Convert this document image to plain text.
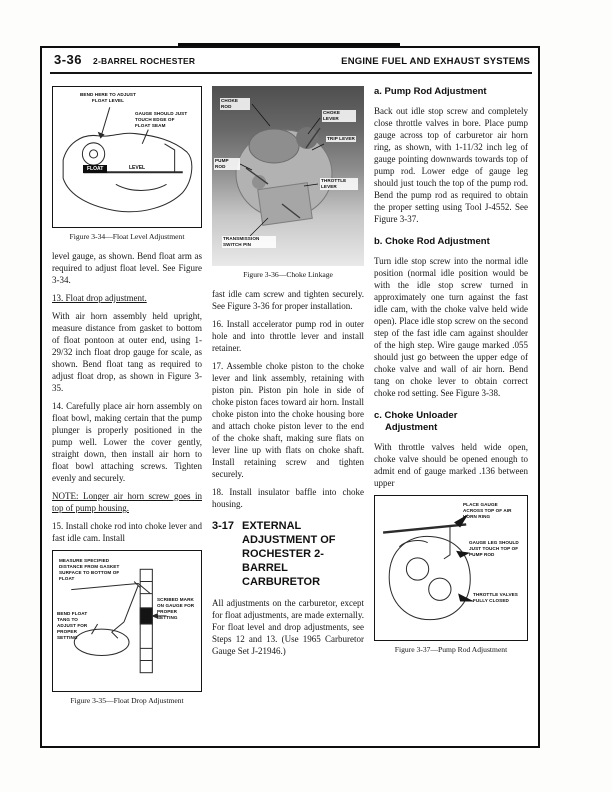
3-36 2-BARREL ROCHESTER	ENGINE FUEL AND EXHAUST SYSTEMS
BEND HERE TO ADJUST FLOAT LEVEL
GAUGE SHOULD JUST TOUCH EDGE OF FLOAT SEAM
FLOAT	LEVEL
Figure 3-34—Float Level Adjustment

level gauge, as shown. Bend float arm as required to adjust float level. See Figure 3-34.

13. Float drop adjustment.

With air horn assembly held upright, measure distance from gasket to bottom of float pontoon at outer end, using 1-29/32 inch float drop gauge for scale, as shown. Bend float tang as required to adjust float drop, as shown in Figure 3-35.

14. Carefully place air horn assembly on float bowl, making certain that the pump plunger is properly positioned in the pump well. Lower the cover gently, straight down, then install air horn to float bowl attaching screws. Tighten evenly and securely.

NOTE: Longer air horn screw goes in top of pump housing.

15. Install choke rod into choke lever and fast idle cam. Install

MEASURE SPECIFIED DISTANCE FROM GASKET SURFACE TO BOTTOM OF FLOAT
BEND FLOAT TANG TO ADJUST FOR PROPER SETTING
SCRIBED MARK ON GAUGE FOR PROPER SETTING
Figure 3-35—Float Drop Adjustment
CHOKE ROD
CHOKE LEVER
TRIP LEVER
PUMP ROD
THROTTLE LEVER
TRANSMISSION SWITCH PIN
Figure 3-36—Choke Linkage

fast idle cam screw and tighten securely. See Figure 3-36 for proper installation.

16. Install accelerator pump rod in outer hole and into throttle lever and install retainer.

17. Assemble choke piston to the choke lever and link assembly, retaining with piston pin. Piston pin hole in side of choke piston faces toward air horn. Install choke piston into the choke housing bore and attach choke piston lever to the end of the choke shaft, making sure flats on lever line up with flats on choke shaft. Install retaining screw and tighten securely.

18. Install insulator baffle into choke housing.

3-17 EXTERNAL ADJUSTMENT OF ROCHESTER 2-BARREL CARBURETOR

All adjustments on the carburetor, except for float adjustments, are made externally. For float level and drop adjustments, see Steps 12 and 13. (Use 1965 Carburetor Gauge Set J-21946.)

a. Pump Rod Adjustment

Back out idle stop screw and completely close throttle valves in bore. Place pump gauge across top of carburetor air horn ring, as shown, with 1-11/32 inch leg of gauge pointing downwards towards top of pump rod. Lower edge of gauge leg should just touch the top of the pump rod. Bend the pump rod as required to obtain the proper setting using Tool J-4552. See Figure 3-37.

b. Choke Rod Adjustment

Turn idle stop screw into the normal idle position (normal idle position would be with the idle stop screw turned in approximately one turn against the fast idle cam, with the choke valve held wide open). Place idle stop screw on the second step of the fast idle cam against shoulder of the high step. Wire gauge marked .055 should just go between the upper edge of choke valve and wall of air horn. Bend tang on choke lever to obtain correct choke rod setting. See Figure 3-38.

c. Choke Unloader Adjustment

With throttle valves held wide open, choke valve should be opened enough to admit end of gauge marked .136 between upper

PLACE GAUGE ACROSS TOP OF AIR HORN RING
GAUGE LEG SHOULD JUST TOUCH TOP OF PUMP ROD
THROTTLE VALVES FULLY CLOSED
Figure 3-37—Pump Rod Adjustment
